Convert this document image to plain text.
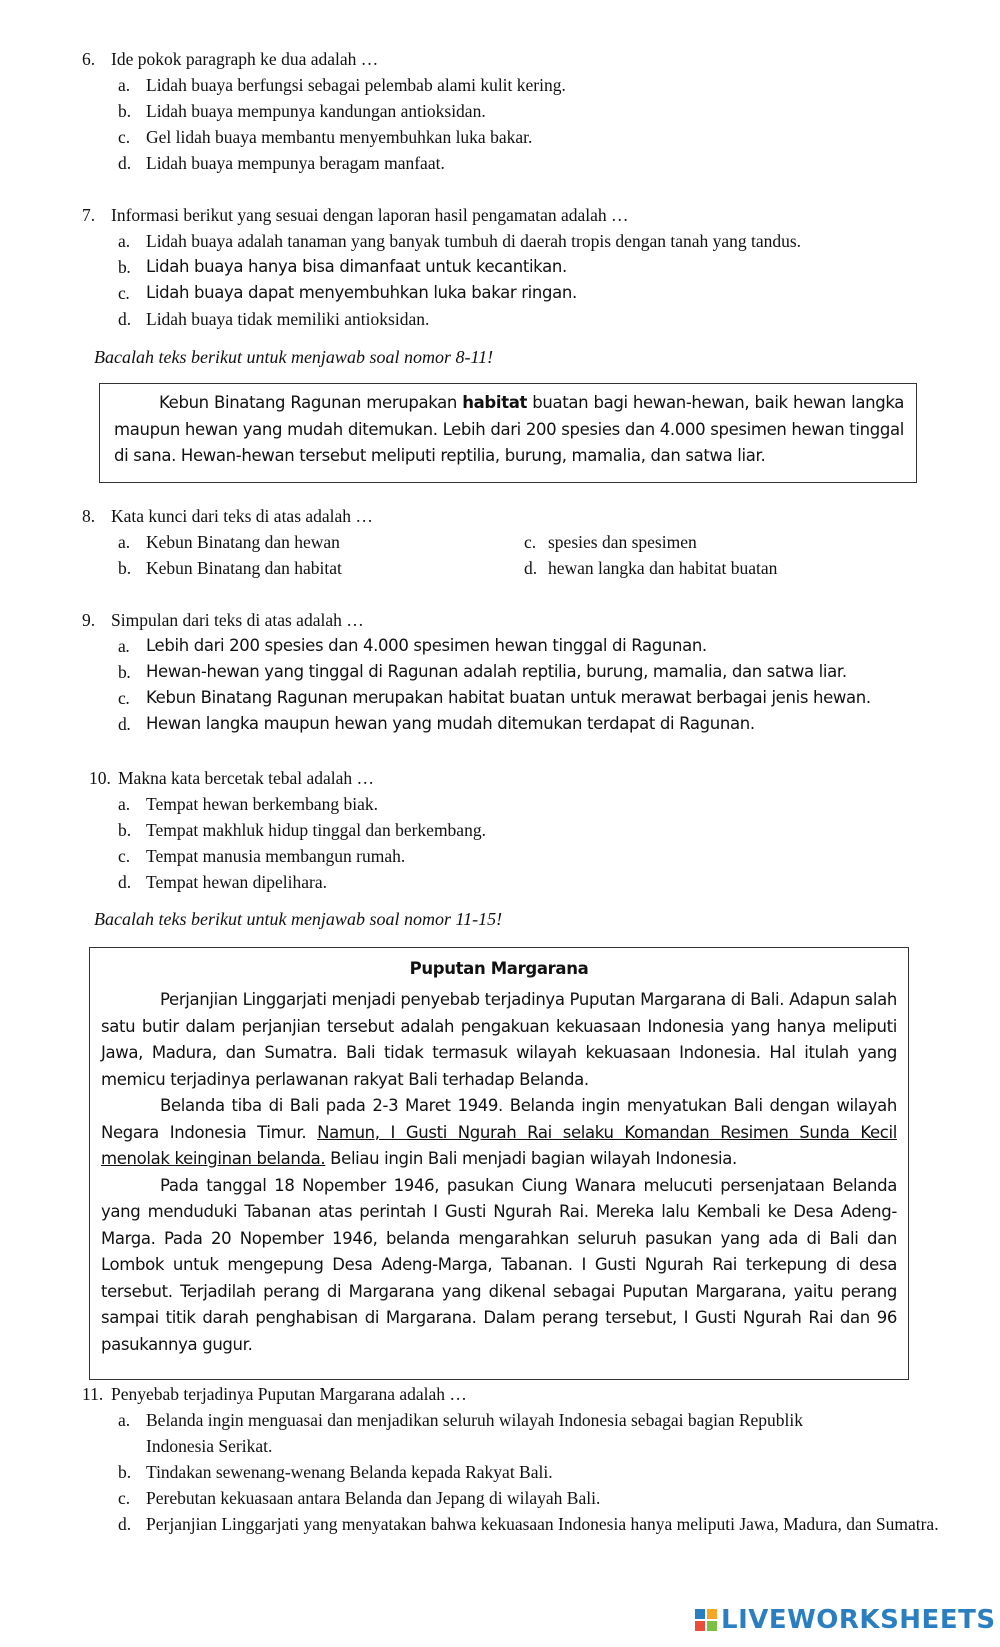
6. Ide pokok paragraph ke dua adalah …
a. Lidah buaya berfungsi sebagai pelembab alami kulit kering.
b. Lidah buaya mempunya kandungan antioksidan.
c. Gel lidah buaya membantu menyembuhkan luka bakar.
d. Lidah buaya mempunya beragam manfaat.
7. Informasi berikut yang sesuai dengan laporan hasil pengamatan adalah …
a. Lidah buaya adalah tanaman yang banyak tumbuh di daerah tropis dengan tanah yang tandus.
b. Lidah buaya hanya bisa dimanfaat untuk kecantikan.
c.	Lidah buaya dapat menyembuhkan luka bakar ringan.
d. Lidah buaya tidak memiliki antioksidan.
Bacalah teks berikut untuk menjawab soal nomor 8-11!

Kebun Binatang Ragunan merupakan habitat buatan bagi hewan-hewan, baik hewan langka maupun hewan yang mudah ditemukan. Lebih dari 200 spesies dan 4.000 spesimen hewan tinggal di sana. Hewan-hewan tersebut meliputi reptilia, burung, mamalia, dan satwa liar.

8. Kata kunci dari teks di atas adalah …
a. Kebun Binatang dan hewan	c. spesies dan spesimen
b. Kebun Binatang dan habitat	d. hewan langka dan habitat buatan
9. Simpulan dari teks di atas adalah …
a.	Lebih dari 200 spesies dan 4.000 spesimen hewan tinggal di Ragunan.
b. Hewan-hewan yang tinggal di Ragunan adalah reptilia, burung, mamalia, dan satwa liar.
c.	Kebun Binatang Ragunan merupakan habitat buatan untuk merawat berbagai jenis hewan.
d. Hewan langka maupun hewan yang mudah ditemukan terdapat di Ragunan.
10. Makna kata bercetak tebal adalah …
a. Tempat hewan berkembang biak.
b. Tempat makhluk hidup tinggal dan berkembang.
c. Tempat manusia membangun rumah.
d. Tempat hewan dipelihara.
Bacalah teks berikut untuk menjawab soal nomor 11-15!
Puputan Margarana

Perjanjian Linggarjati menjadi penyebab terjadinya Puputan Margarana di Bali. Adapun salah satu butir dalam perjanjian tersebut adalah pengakuan kekuasaan Indonesia yang hanya meliputi Jawa, Madura, dan Sumatra. Bali tidak termasuk wilayah kekuasaan Indonesia. Hal itulah yang memicu terjadinya perlawanan rakyat Bali terhadap Belanda.

Belanda tiba di Bali pada 2-3 Maret 1949. Belanda ingin menyatukan Bali dengan wilayah Negara Indonesia Timur. Namun, I Gusti Ngurah Rai selaku Komandan Resimen Sunda Kecil menolak keinginan belanda. Beliau ingin Bali menjadi bagian wilayah Indonesia.

Pada tanggal 18 Nopember 1946, pasukan Ciung Wanara melucuti persenjataan Belanda yang menduduki Tabanan atas perintah I Gusti Ngurah Rai. Mereka lalu Kembali ke Desa Adeng-Marga. Pada 20 Nopember 1946, belanda mengarahkan seluruh pasukan yang ada di Bali dan Lombok untuk mengepung Desa Adeng-Marga, Tabanan. I Gusti Ngurah Rai terkepung di desa tersebut. Terjadilah perang di Margarana yang dikenal sebagai Puputan Margarana, yaitu perang sampai titik darah penghabisan di Margarana. Dalam perang tersebut, I Gusti Ngurah Rai dan 96 pasukannya gugur.

11. Penyebab terjadinya Puputan Margarana adalah …
a. Belanda ingin menguasai dan menjadikan seluruh wilayah Indonesia sebagai bagian Republik Indonesia Serikat.
b. Tindakan sewenang-wenang Belanda kepada Rakyat Bali.
c. Perebutan kekuasaan antara Belanda dan Jepang di wilayah Bali.
d. Perjanjian Linggarjati yang menyatakan bahwa kekuasaan Indonesia hanya meliputi Jawa, Madura, dan Sumatra.
LIVEWORKSHEETS
